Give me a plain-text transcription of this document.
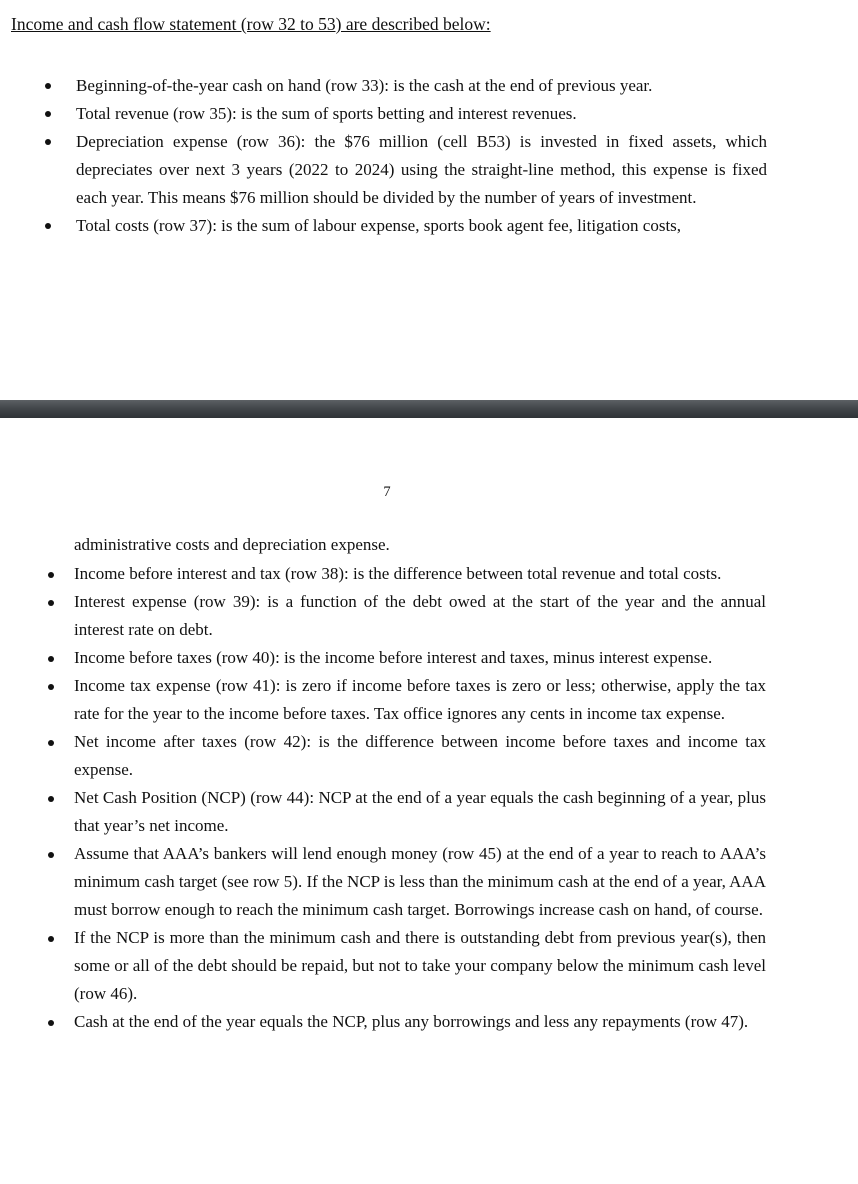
Income and cash flow statement (row 32 to 53) are described below:
Beginning-of-the-year cash on hand (row 33): is the cash at the end of previous year.
Total revenue (row 35): is the sum of sports betting and interest revenues.
Depreciation expense (row 36): the $76 million (cell B53) is invested in fixed assets, which depreciates over next 3 years (2022 to 2024) using the straight-line method, this expense is fixed each year. This means $76 million should be divided by the number of years of investment.
Total costs (row 37): is the sum of labour expense, sports book agent fee, litigation costs,
7

administrative costs and depreciation expense.

Income before interest and tax (row 38): is the difference between total revenue and total costs.
Interest expense (row 39): is a function of the debt owed at the start of the year and the annual interest rate on debt.
Income before taxes (row 40): is the income before interest and taxes, minus interest expense.
Income tax expense (row 41): is zero if income before taxes is zero or less; otherwise, apply the tax rate for the year to the income before taxes. Tax office ignores any cents in income tax expense.
Net income after taxes (row 42): is the difference between income before taxes and income tax expense.
Net Cash Position (NCP) (row 44): NCP at the end of a year equals the cash beginning of a year, plus that year’s net income.
Assume that AAA’s bankers will lend enough money (row 45) at the end of a year to reach to AAA’s minimum cash target (see row 5). If the NCP is less than the minimum cash at the end of a year, AAA must borrow enough to reach the minimum cash target. Borrowings increase cash on hand, of course.
If the NCP is more than the minimum cash and there is outstanding debt from previous year(s), then some or all of the debt should be repaid, but not to take your company below the minimum cash level (row 46).
Cash at the end of the year equals the NCP, plus any borrowings and less any repayments (row 47).
